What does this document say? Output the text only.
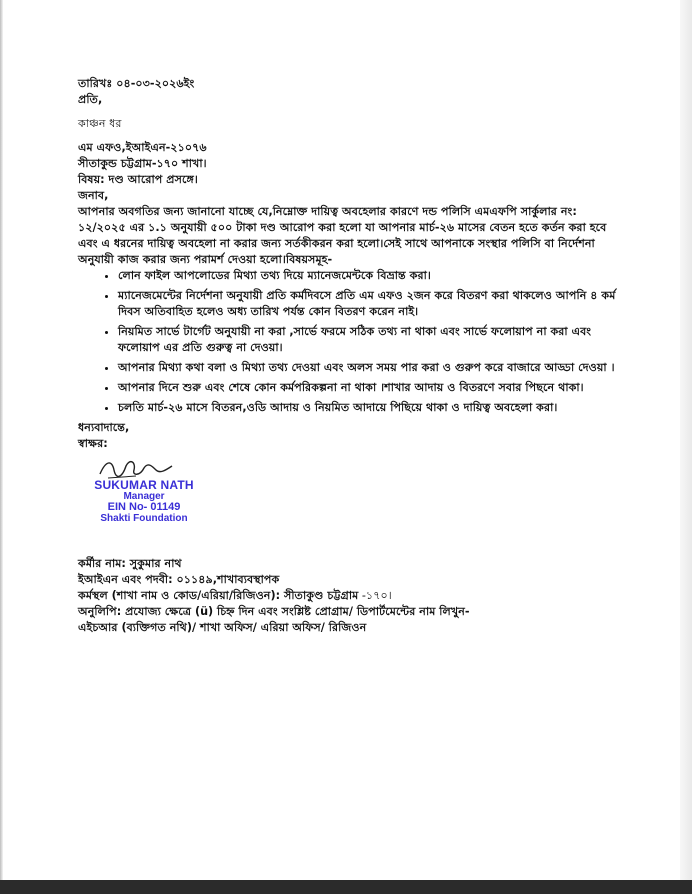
তারিখঃ ০৪-০৩-২০২৬ইং
প্রতি,
কাঞ্চন ধর
এম এফও,ইআইএন-২১০৭৬
সীতাকুন্ড চট্টগ্রাম-১৭০ শাখা।
বিষয়: দণ্ড আরোপ প্রসঙ্গে।
জনাব,

আপনার অবগতির জন্য জানানো যাচ্ছে যে,নিম্নোক্ত দায়িত্ব অবহেলার কারণে দন্ড পলিসি এমএফপি সার্কুলার নং: ১২/২০২৫ এর ১.১ অনুযায়ী ৫০০ টাকা দণ্ড আরোপ করা হলো যা আপনার মার্চ-২৬ মাসের বেতন হতে কর্তন করা হবে এবং এ ধরনের দায়িত্ব অবহেলা না করার জন্য সর্তকীকরন করা হলো।সেই সাথে আপনাকে সংস্থার পলিসি বা নির্দেশনা অনুযায়ী কাজ করার জন্য পরামর্শ দেওয়া হলো।বিষয়সমূহ-

• লোন ফাইল আপলোডের মিথ্যা তথ্য দিয়ে ম্যানেজমেন্টকে বিভ্রান্ত করা।
• ম্যানেজমেন্টের নির্দেশনা অনুযায়ী প্রতি কর্মদিবসে প্রতি এম এফও ২জন করে বিতরণ করা থাকলেও আপনি ৪ কর্ম দিবস অতিবাহিত হলেও অধ্য তারিখ পর্যন্ত কোন বিতরণ করেন নাই।
• নিয়মিত সার্ভে টার্গেট অনুযায়ী না করা ,সার্ভে ফরমে সঠিক তথ্য না থাকা এবং সার্ভে ফলোয়াপ না করা এবং ফলোয়াপ এর প্রতি গুরুত্ব না দেওয়া।
• আপনার মিথ্যা কথা বলা ও মিথ্যা তথ্য দেওয়া এবং অলস সময় পার করা ও গুরুপ করে বাজারে আড্ডা দেওয়া ।
• আপনার দিনে শুরু এবং শেষে কোন কর্মপরিকল্পনা না থাকা ।শাখার আদায় ও বিতরণে সবার পিছনে থাকা।
• চলতি মার্চ-২৬ মাসে বিতরন,ওডি আদায় ও নিয়মিত আদায়ে পিছিয়ে থাকা ও দায়িত্ব অবহেলা করা।
ধন্যবাদান্তে,
স্বাক্ষর:
SUKUMAR NATH
Manager
EIN No- 01149
Shakti Foundation
কর্মীর নাম: সুকুমার নাথ
ইআইএন এবং পদবী: ০১১৪৯,শাখাব্যবস্থাপক
কর্মস্থল (শাখা নাম ও কোড/এরিয়া/রিজিওন): সীতাকুণ্ড চট্টগ্রাম -১৭০।
অনুলিপি: প্রযোজ্য ক্ষেত্রে (ü) চিহ্ন দিন এবং সংশ্লিষ্ট প্রোগ্রাম/ ডিপার্টমেন্টের নাম লিখুন-
এইচআর (ব্যক্তিগত নথি)/ শাখা অফিস/ এরিয়া অফিস/ রিজিওন
